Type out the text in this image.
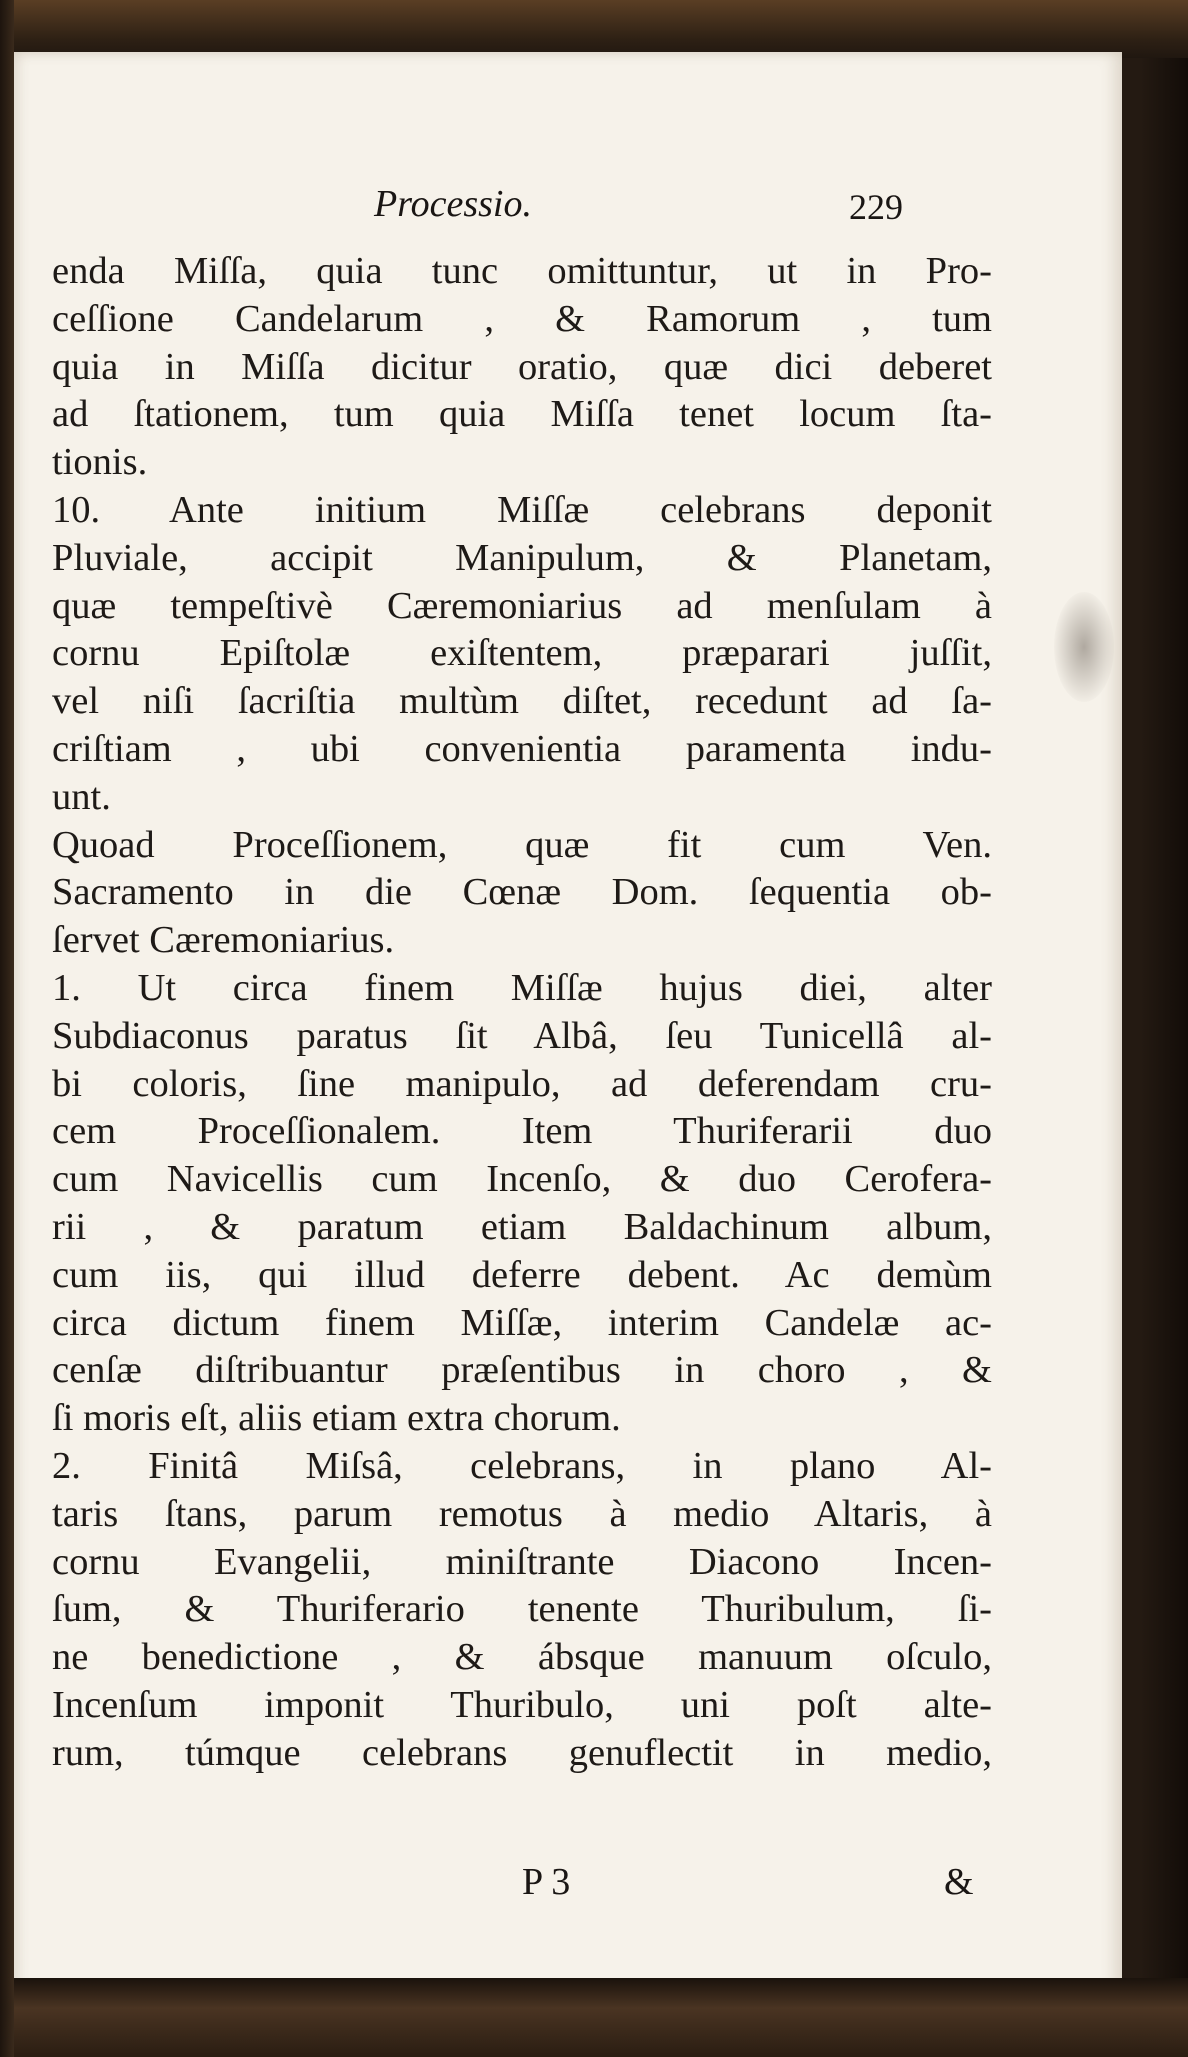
Processio.	229
enda Miſſa, quia tunc omittuntur, ut in Pro-
ceſſione Candelarum , & Ramorum , tum
quia in Miſſa dicitur oratio, quæ dici deberet
ad ſtationem, tum quia Miſſa tenet locum ſta-
tionis.
10. Ante initium Miſſæ celebrans deponit
Pluviale, accipit Manipulum, & Planetam,
quæ tempeſtivè Cæremoniarius ad menſulam à
cornu Epiſtolæ exiſtentem, præparari juſſit,
vel niſi ſacriſtia multùm diſtet, recedunt ad ſa-
criſtiam , ubi convenientia paramenta indu-
unt.
Quoad Proceſſionem, quæ fit cum Ven.
Sacramento in die Cœnæ Dom. ſequentia ob-
ſervet Cæremoniarius.
1. Ut circa finem Miſſæ hujus diei, alter
Subdiaconus paratus ſit Albâ, ſeu Tunicellâ al-
bi coloris, ſine manipulo, ad deferendam cru-
cem Proceſſionalem. Item Thuriferarii duo
cum Navicellis cum Incenſo, & duo Ceroferа-
rii , & paratum etiam Baldachinum album,
cum iis, qui illud deferre debent. Ac demùm
circa dictum finem Miſſæ, interim Candelæ ac-
cenſæ diſtribuantur præſentibus in choro , &
ſi moris eſt, aliis etiam extra chorum.
2. Finitâ Miſsâ, celebrans, in plano Al-
taris ſtans, parum remotus à medio Altaris, à
cornu Evangelii, miniſtrante Diacono Incen-
ſum, & Thuriferario tenente Thuribulum, ſi-
ne benedictione , & ábsque manuum oſculo,
Incenſum imponit Thuribulo, uni poſt alte-
rum, túmque celebrans genuflectit in medio,
P 3	&
